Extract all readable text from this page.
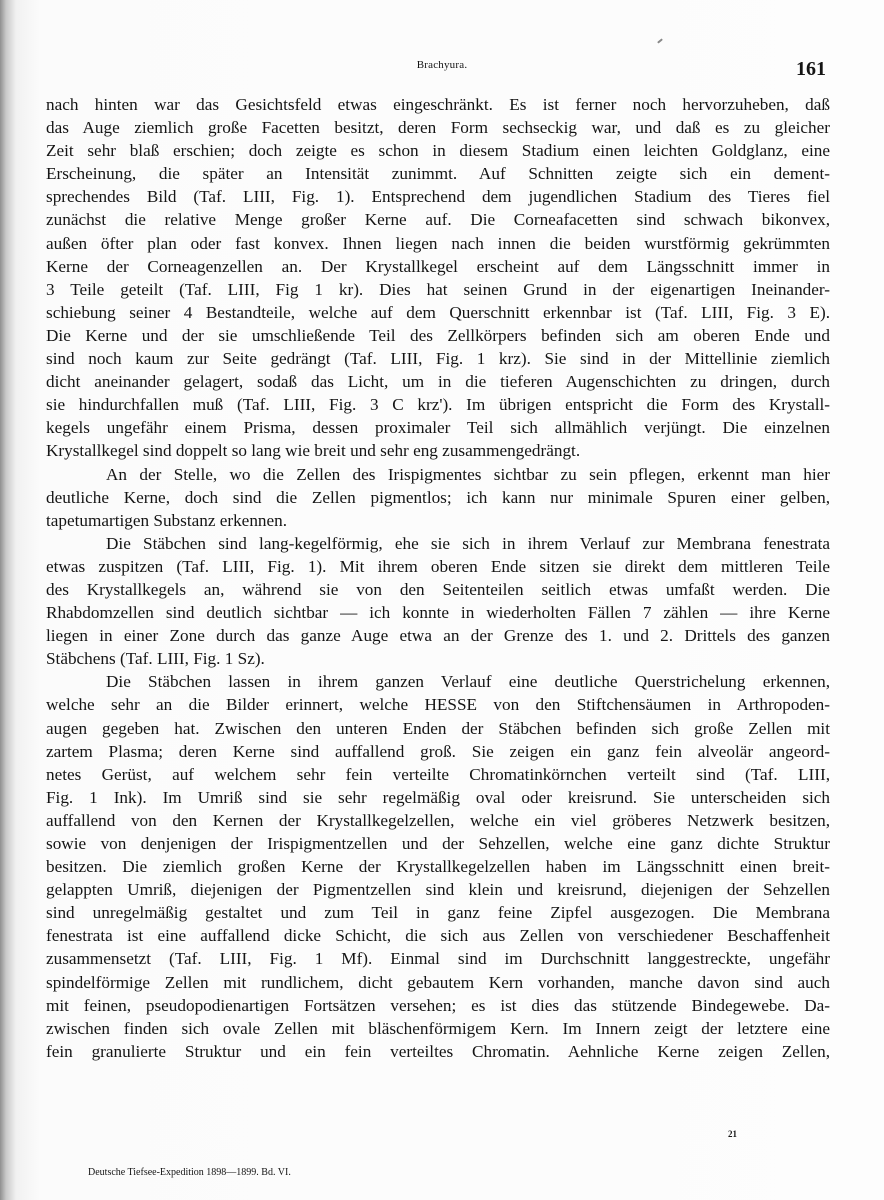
Brachyura.	161
nach hinten war das Gesichtsfeld etwas eingeschränkt. Es ist ferner noch hervorzuheben, daß
das Auge ziemlich große Facetten besitzt, deren Form sechseckig war, und daß es zu gleicher
Zeit sehr blaß erschien; doch zeigte es schon in diesem Stadium einen leichten Goldglanz, eine
Erscheinung, die später an Intensität zunimmt. Auf Schnitten zeigte sich ein dement-
sprechendes Bild (Taf. LIII, Fig. 1). Entsprechend dem jugendlichen Stadium des Tieres fiel
zunächst die relative Menge großer Kerne auf. Die Corneafacetten sind schwach bikonvex,
außen öfter plan oder fast konvex. Ihnen liegen nach innen die beiden wurstförmig gekrümmten
Kerne der Corneagenzellen an. Der Krystallkegel erscheint auf dem Längsschnitt immer in
3 Teile geteilt (Taf. LIII, Fig 1 kr). Dies hat seinen Grund in der eigenartigen Ineinander-
schiebung seiner 4 Bestandteile, welche auf dem Querschnitt erkennbar ist (Taf. LIII, Fig. 3 E).
Die Kerne und der sie umschließende Teil des Zellkörpers befinden sich am oberen Ende und
sind noch kaum zur Seite gedrängt (Taf. LIII, Fig. 1 krz). Sie sind in der Mittellinie ziemlich
dicht aneinander gelagert, sodaß das Licht, um in die tieferen Augenschichten zu dringen, durch
sie hindurchfallen muß (Taf. LIII, Fig. 3 C krz'). Im übrigen entspricht die Form des Krystall-
kegels ungefähr einem Prisma, dessen proximaler Teil sich allmählich verjüngt. Die einzelnen
Krystallkegel sind doppelt so lang wie breit und sehr eng zusammengedrängt.
An der Stelle, wo die Zellen des Irispigmentes sichtbar zu sein pflegen, erkennt man hier
deutliche Kerne, doch sind die Zellen pigmentlos; ich kann nur minimale Spuren einer gelben,
tapetumartigen Substanz erkennen.
Die Stäbchen sind lang-kegelförmig, ehe sie sich in ihrem Verlauf zur Membrana fenestrata
etwas zuspitzen (Taf. LIII, Fig. 1). Mit ihrem oberen Ende sitzen sie direkt dem mittleren Teile
des Krystallkegels an, während sie von den Seitenteilen seitlich etwas umfaßt werden. Die
Rhabdomzellen sind deutlich sichtbar — ich konnte in wiederholten Fällen 7 zählen — ihre Kerne
liegen in einer Zone durch das ganze Auge etwa an der Grenze des 1. und 2. Drittels des ganzen
Stäbchens (Taf. LIII, Fig. 1 Sz).
Die Stäbchen lassen in ihrem ganzen Verlauf eine deutliche Querstrichelung erkennen,
welche sehr an die Bilder erinnert, welche HESSE von den Stiftchensäumen in Arthropoden-
augen gegeben hat. Zwischen den unteren Enden der Stäbchen befinden sich große Zellen mit
zartem Plasma; deren Kerne sind auffallend groß. Sie zeigen ein ganz fein alveolär angeord-
netes Gerüst, auf welchem sehr fein verteilte Chromatinkörnchen verteilt sind (Taf. LIII,
Fig. 1 Ink). Im Umriß sind sie sehr regelmäßig oval oder kreisrund. Sie unterscheiden sich
auffallend von den Kernen der Krystallkegelzellen, welche ein viel gröberes Netzwerk besitzen,
sowie von denjenigen der Irispigmentzellen und der Sehzellen, welche eine ganz dichte Struktur
besitzen. Die ziemlich großen Kerne der Krystallkegelzellen haben im Längsschnitt einen breit-
gelappten Umriß, diejenigen der Pigmentzellen sind klein und kreisrund, diejenigen der Sehzellen
sind unregelmäßig gestaltet und zum Teil in ganz feine Zipfel ausgezogen. Die Membrana
fenestrata ist eine auffallend dicke Schicht, die sich aus Zellen von verschiedener Beschaffenheit
zusammensetzt (Taf. LIII, Fig. 1 Mf). Einmal sind im Durchschnitt langgestreckte, ungefähr
spindelförmige Zellen mit rundlichem, dicht gebautem Kern vorhanden, manche davon sind auch
mit feinen, pseudopodienartigen Fortsätzen versehen; es ist dies das stützende Bindegewebe. Da-
zwischen finden sich ovale Zellen mit bläschenförmigem Kern. Im Innern zeigt der letztere eine
fein granulierte Struktur und ein fein verteiltes Chromatin. Aehnliche Kerne zeigen Zellen,
21
Deutsche Tiefsee-Expedition 1898—1899. Bd. VI.
